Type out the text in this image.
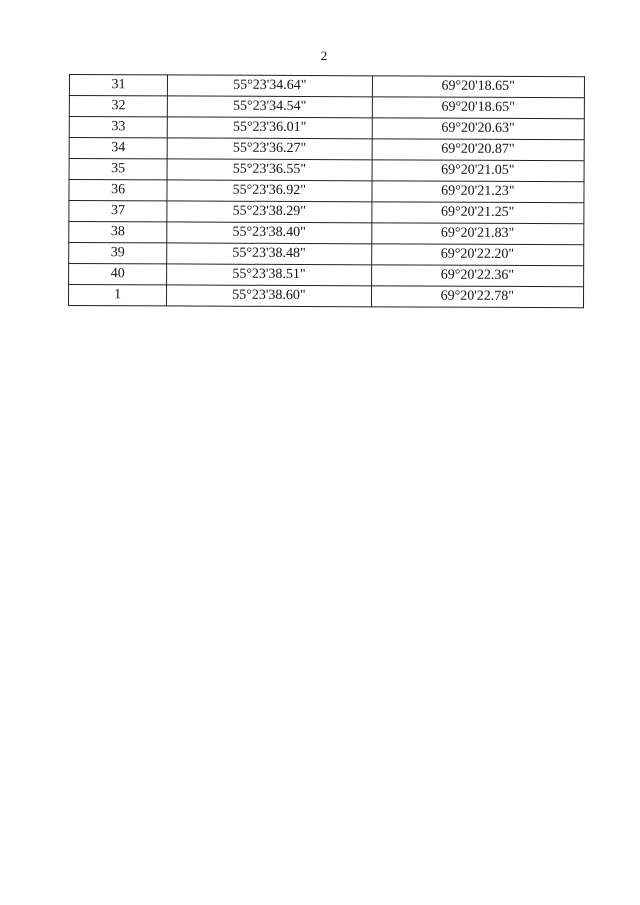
2
31	55°23'34.64"	69°20'18.65"
32	55°23'34.54"	69°20'18.65"
33	55°23'36.01"	69°20'20.63"
34	55°23'36.27"	69°20'20.87"
35	55°23'36.55"	69°20'21.05"
36	55°23'36.92"	69°20'21.23"
37	55°23'38.29"	69°20'21.25"
38	55°23'38.40"	69°20'21.83"
39	55°23'38.48"	69°20'22.20"
40	55°23'38.51"	69°20'22.36"
1	55°23'38.60"	69°20'22.78"
